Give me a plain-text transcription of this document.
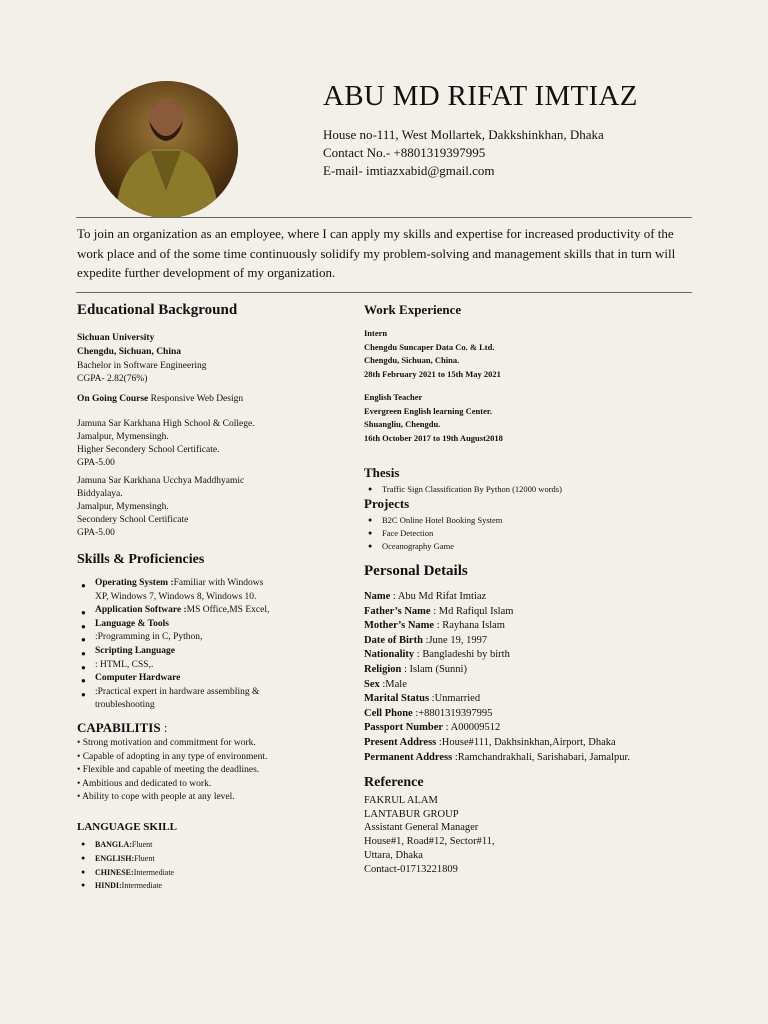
ABU MD RIFAT IMTIAZ
House no-111, West Mollartek, Dakkshinkhan, Dhaka
Contact No.- +8801319397995
E-mail- imtiazxabid@gmail.com
To join an organization as an employee, where I can apply my skills and expertise for increased productivity of the work place and of the some time continuously solidify my problem-solving and management skills that in turn will expedite further development of my organization.
Educational Background
Sichuan University
Chengdu, Sichuan, China
Bachelor in Software Engineering
CGPA- 2.82(76%)
On Going Course Responsive Web Design
Jamuna Sar Karkhana High School & College.
Jamalpur, Mymensingh.
Higher Secondery School Certificate.
GPA-5.00
Jamuna Sar Karkhana Ucchya Maddhyamic
Biddyalaya.
Jamalpur, Mymensingh.
Secondery School Certificate
GPA-5.00
Skills & Proficiencies
● Operating System :Familiar with Windows
XP, Windows 7, Windows 8, Windows 10.
● Application Software :MS Office,MS Excel,
● Language & Tools
● :Programming in C, Python,
● Scripting Language
● : HTML, CSS,.
● Computer Hardware
● :Practical expert in hardware assembling &
troubleshooting
CAPABILITIS :
• Strong motivation and commitment for work.
• Capable of adopting in any type of environment.
• Flexible and capable of meeting the deadlines.
• Ambitious and dedicated to work.
• Ability to cope with people at any level.
LANGUAGE SKILL
● BANGLA:Fluent
● ENGLISH:Fluent
● CHINESE:Intermediate
● HINDI:Intermediate
Work Experience
Intern
Chengdu Suncaper Data Co. & Ltd.
Chengdu, Sichuan, China.
28th February 2021 to 15th May 2021
English Teacher
Evergreen English learning Center.
Shuangliu, Chengdu.
16th October 2017 to 19th August2018
Thesis
● Traffic Sign Classification By Python (12000 words)
Projects
● B2C Online Hotel Booking System
● Face Detection
● Oceanography Game
Personal Details
Name : Abu Md Rifat Imtiaz
Father’s Name : Md Rafiqul Islam
Mother’s Name : Rayhana Islam
Date of Birth :June 19, 1997
Nationality : Bangladeshi by birth
Religion : Islam (Sunni)
Sex :Male
Marital Status :Unmarried
Cell Phone :+8801319397995
Passport Number : A00009512
Present Address :House#111, Dakhsinkhan,Airport, Dhaka
Permanent Address :Ramchandrakhali, Sarishabari, Jamalpur.
Reference
FAKRUL ALAM
LANTABUR GROUP
Assistant General Manager
House#1, Road#12, Sector#11,
Uttara, Dhaka
Contact-01713221809
